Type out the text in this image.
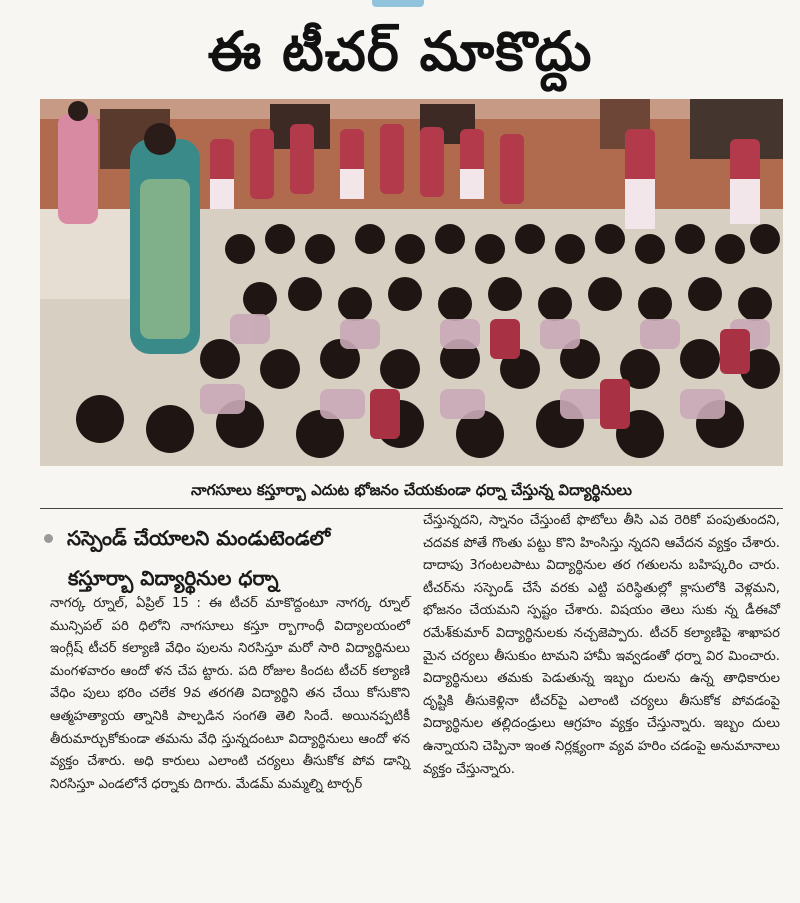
ఈ టీచర్ మాకొద్దు
నాగసూలు కస్తూర్బా ఎదుట భోజనం చేయకుండా ధర్నా చేస్తున్న విద్యార్థినులు
సస్పెండ్ చేయాలని మండుటెండలో
కస్తూర్బా విద్యార్థినుల ధర్నా
నాగర్క ర్నూల్, ఏప్రిల్ 15 : ఈ టీచర్ మాకొద్దంటూ నాగర్క ర్నూల్ మున్సిపల్ పరి ధిలోని నాగసూలు కస్తూ ర్బాగాంధీ విద్యాలయంలో ఇంగ్లీష్ టీచర్ కల్యాణి వేధిం పులను నిరసిస్తూ మరో సారి విద్యార్థినులు మంగళవారం ఆందో ళన చేప ట్టారు. పది రోజుల కిందట టీచర్ కల్యాణి వేధిం పులు భరిం చలేక 9వ తరగతి విద్యార్థిని తన చేయి కోసుకొని ఆత్మహత్యాయ త్నానికి పాల్పడిన సంగతి తెలి సిందే. అయినప్పటికీ తీరుమార్చుకోకుండా తమను వేధి స్తున్నదంటూ విద్యార్థినులు ఆందో ళన వ్యక్తం చేశారు. అధి కారులు ఎలాంటి చర్యలు తీసుకోక పోవ డాన్ని నిరసిస్తూ ఎండలోనే ధర్నాకు దిగారు. మేడమ్ మమ్మల్ని టార్చర్
చేస్తున్నదని, స్నానం చేస్తుంటే ఫొటోలు తీసి ఎవ రెరికో పంపుతుందని, చదవక పోతే గొంతు పట్టు కొని హింసిస్తు న్నదని ఆవేదన వ్యక్తం చేశారు. దాదాపు 3గంటలపాటు విద్యార్థినుల తర గతులను బహిష్కరిం చారు. టీచర్‌ను సస్పెండ్ చేసే వరకు ఎట్టి పరిస్థితుల్లో క్లాసులోకి వెళ్లమని, భోజనం చేయమని స్పష్టం చేశారు. విషయం తెలు సుకు న్న డీఈవో రమేశ్‌కుమార్ విద్యార్థినులకు నచ్చజెప్పారు. టీచర్ కల్యాణిపై శాఖాపర మైన చర్యలు తీసుకుం టామని హామీ ఇవ్వడంతో ధర్నా విర మించారు. విద్యార్థినులు తమకు పెడుతున్న ఇబ్బం దులను ఉన్న తాధికారుల దృష్టికి తీసుకెళ్లినా టీచర్‌పై ఎలాంటి చర్యలు తీసుకోక పోవడంపై విద్యార్థినుల తల్లిదండ్రులు ఆగ్రహం వ్యక్తం చేస్తున్నారు. ఇబ్బం దులు ఉన్నాయని చెప్పినా ఇంత నిర్లక్ష్యంగా వ్యవ హరిం చడంపై అనుమానాలు వ్యక్తం చేస్తున్నారు.
